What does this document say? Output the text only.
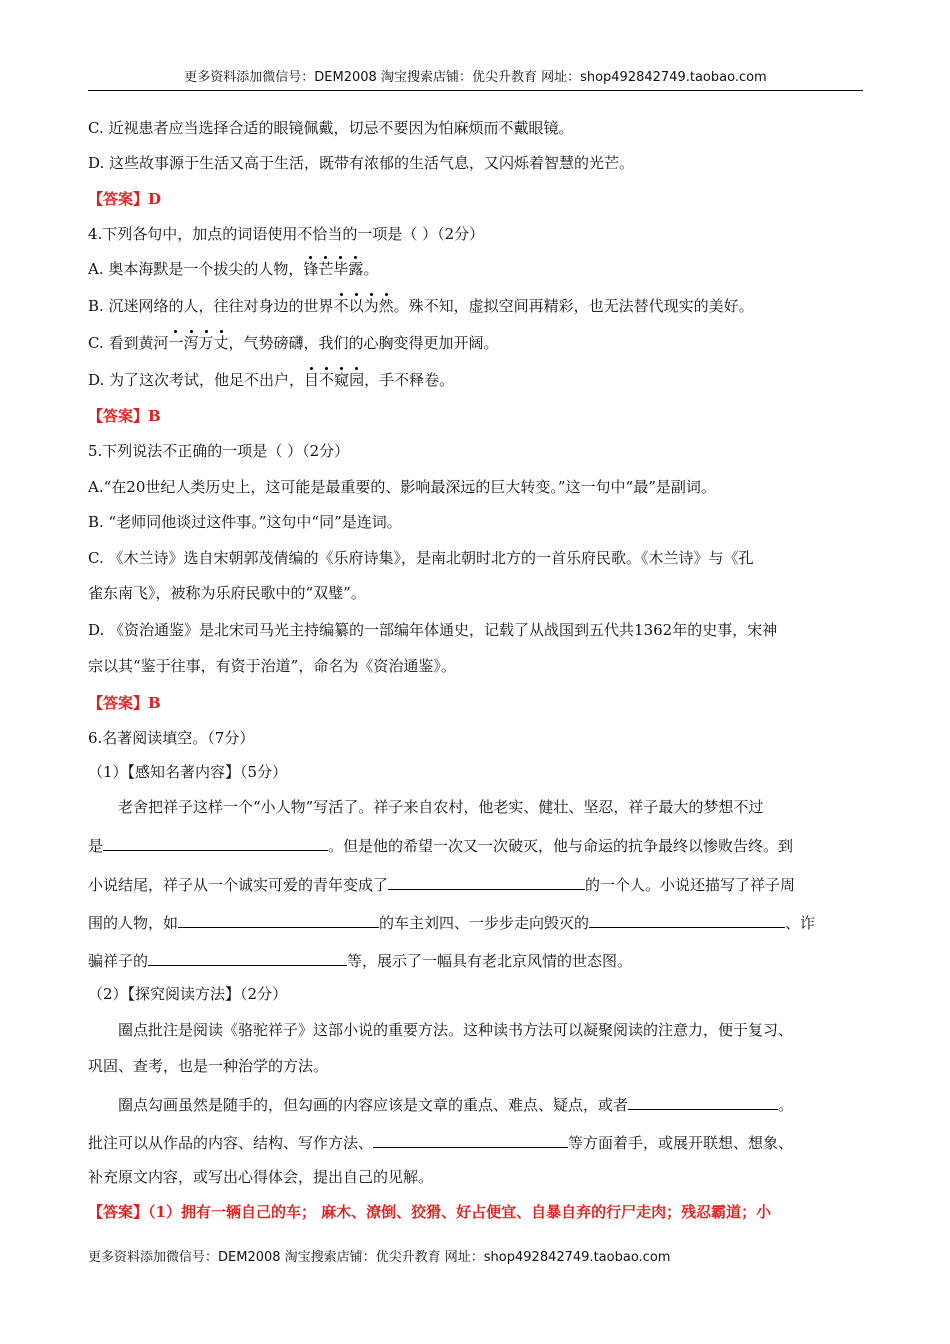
更多资料添加微信号：DEM2008 淘宝搜索店铺：优尖升教育 网址：shop492842749.taobao.com
C. 近视患者应当选择合适的眼镜佩戴，切忌不要因为怕麻烦而不戴眼镜。
D. 这些故事源于生活又高于生活，既带有浓郁的生活气息，又闪烁着智慧的光芒。
【答案】D
4.下列各句中，加点的词语使用不恰当的一项是（ ）（2分）
A. 奥本海默是一个拔尖的人物，锋芒毕露。
B. 沉迷网络的人，往往对身边的世界不以为然。殊不知，虚拟空间再精彩，也无法替代现实的美好。
C. 看到黄河一泻万丈，气势磅礴，我们的心胸变得更加开阔。
D. 为了这次考试，他足不出户，目不窥园，手不释卷。
【答案】B
5.下列说法不正确的一项是（ ）（2分）
A.“在20世纪人类历史上，这可能是最重要的、影响最深远的巨大转变。”这一句中“最”是副词。
B. “老师同他谈过这件事。”这句中“同”是连词。
C. 《木兰诗》选自宋朝郭茂倩编的《乐府诗集》，是南北朝时北方的一首乐府民歌。《木兰诗》与《孔
雀东南飞》，被称为乐府民歌中的“双璧”。
D. 《资治通鉴》是北宋司马光主持编纂的一部编年体通史，记载了从战国到五代共1362年的史事，宋神
宗以其“鉴于往事，有资于治道”，命名为《资治通鉴》。
【答案】B
6.名著阅读填空。（7分）
（1）【感知名著内容】（5分）
老舍把祥子这样一个“小人物”写活了。祥子来自农村，他老实、健壮、坚忍，祥子最大的梦想不过
是	。但是他的希望一次又一次破灭，他与命运的抗争最终以惨败告终。到
小说结尾，祥子从一个诚实可爱的青年变成了	的一个人。小说还描写了祥子周
围的人物，如	的车主刘四、一步步走向毁灭的	、诈
骗祥子的	等，展示了一幅具有老北京风情的世态图。
（2）【探究阅读方法】（2分）
圈点批注是阅读《骆驼祥子》这部小说的重要方法。这种读书方法可以凝聚阅读的注意力，便于复习、
巩固、查考，也是一种治学的方法。
圈点勾画虽然是随手的，但勾画的内容应该是文章的重点、难点、疑点，或者	。
批注可以从作品的内容、结构、写作方法、	等方面着手，或展开联想、想象、
补充原文内容，或写出心得体会，提出自己的见解。
【答案】（1）拥有一辆自己的车； 麻木、潦倒、狡猾、好占便宜、自暴自弃的行尸走肉；残忍霸道；小
更多资料添加微信号：DEM2008 淘宝搜索店铺：优尖升教育 网址：shop492842749.taobao.com
